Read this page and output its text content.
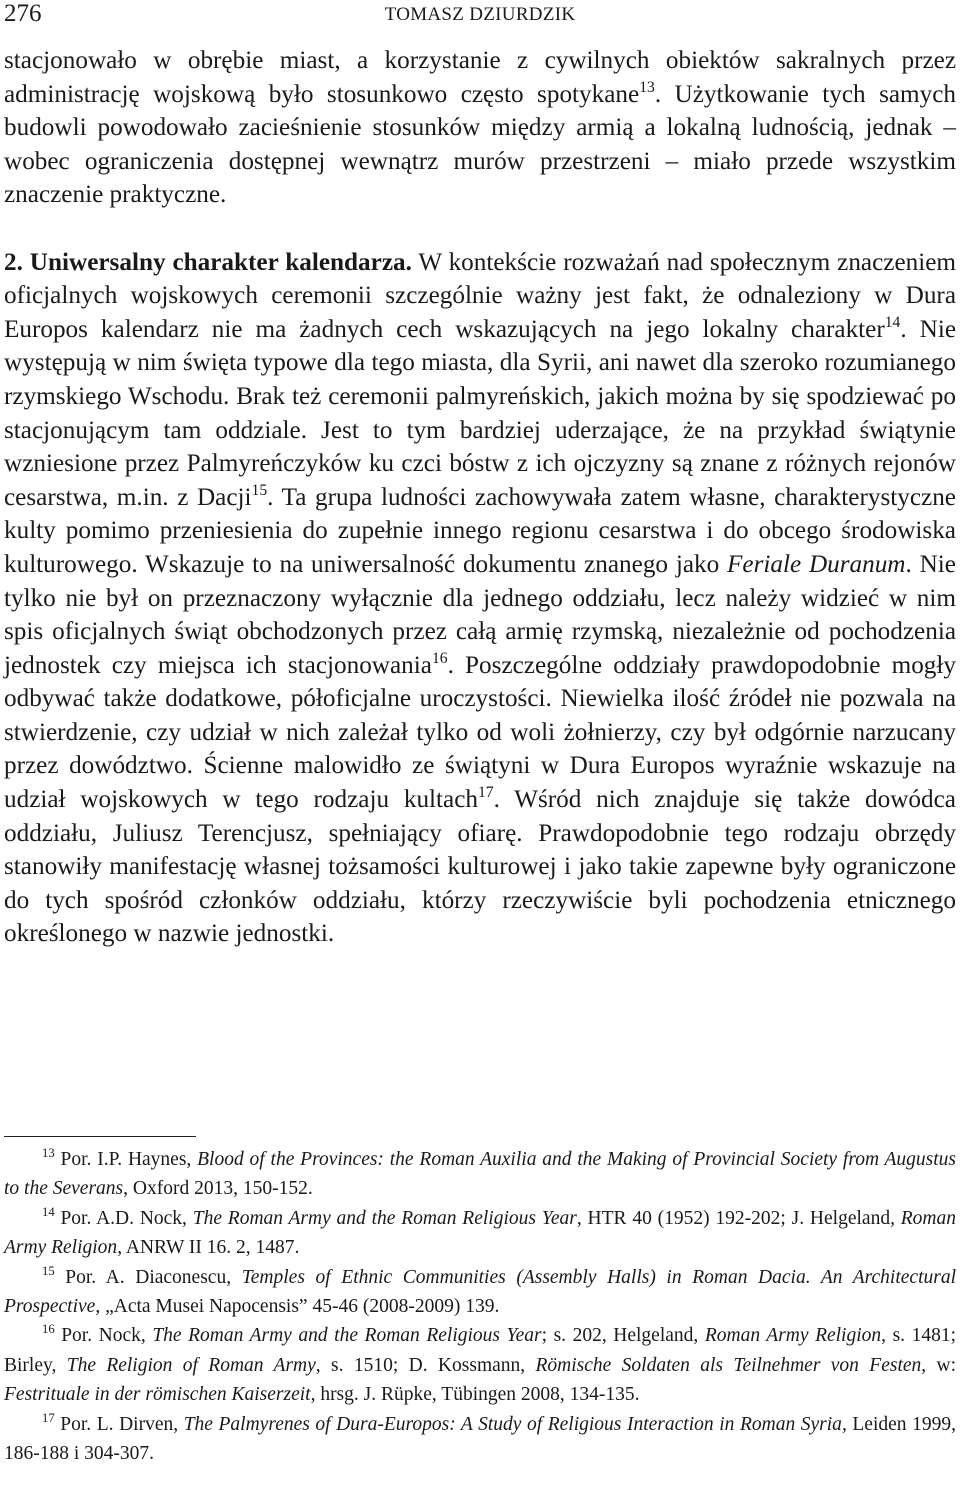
276	TOMASZ DZIURDZIK

stacjonowało w obrębie miast, a korzystanie z cywilnych obiektów sakralnych przez administrację wojskową było stosunkowo często spotykane$^{13}$. Użytkowanie tych samych budowli powodowało zacieśnienie stosunków między armią a lokalną ludnością, jednak – wobec ograniczenia dostępnej wewnątrz murów przestrzeni – miało przede wszystkim znaczenie praktyczne.

2. Uniwersalny charakter kalendarza. W kontekście rozważań nad społecznym znaczeniem oficjalnych wojskowych ceremonii szczególnie ważny jest fakt, że odnaleziony w Dura Europos kalendarz nie ma żadnych cech wskazujących na jego lokalny charakter$^{14}$. Nie występują w nim święta typowe dla tego miasta, dla Syrii, ani nawet dla szeroko rozumianego rzymskiego Wschodu. Brak też ceremonii palmyreńskich, jakich można by się spodziewać po stacjonującym tam oddziale. Jest to tym bardziej uderzające, że na przykład świątynie wzniesione przez Palmyreńczyków ku czci bóstw z ich ojczyzny są znane z różnych rejonów cesarstwa, m.in. z Dacji$^{15}$. Ta grupa ludności zachowywała zatem własne, charakterystyczne kulty pomimo przeniesienia do zupełnie innego regionu cesarstwa i do obcego środowiska kulturowego. Wskazuje to na uniwersalność dokumentu znanego jako Feriale Duranum. Nie tylko nie był on przeznaczony wyłącznie dla jednego oddziału, lecz należy widzieć w nim spis oficjalnych świąt obchodzonych przez całą armię rzymską, niezależnie od pochodzenia jednostek czy miejsca ich stacjonowania$^{16}$. Poszczególne oddziały prawdopodobnie mogły odbywać także dodatkowe, półoficjalne uroczystości. Niewielka ilość źródeł nie pozwala na stwierdzenie, czy udział w nich zależał tylko od woli żołnierzy, czy był odgórnie narzucany przez dowództwo. Ścienne malowidło ze świątyni w Dura Europos wyraźnie wskazuje na udział wojskowych w tego rodzaju kultach$^{17}$. Wśród nich znajduje się także dowódca oddziału, Juliusz Terencjusz, spełniający ofiarę. Prawdopodobnie tego rodzaju obrzędy stanowiły manifestację własnej tożsamości kulturowej i jako takie zapewne były ograniczone do tych spośród członków oddziału, którzy rzeczywiście byli pochodzenia etnicznego określonego w nazwie jednostki.

$^{13}$ Por. I.P. Haynes, Blood of the Provinces: the Roman Auxilia and the Making of Provincial Society from Augustus to the Severans, Oxford 2013, 150-152.

$^{14}$ Por. A.D. Nock, The Roman Army and the Roman Religious Year, HTR 40 (1952) 192-202; J. Helgeland, Roman Army Religion, ANRW II 16. 2, 1487.

$^{15}$ Por. A. Diaconescu, Temples of Ethnic Communities (Assembly Halls) in Roman Dacia. An Architectural Prospective, „Acta Musei Napocensis” 45-46 (2008-2009) 139.

$^{16}$ Por. Nock, The Roman Army and the Roman Religious Year; s. 202, Helgeland, Roman Army Religion, s. 1481; Birley, The Religion of Roman Army, s. 1510; D. Kossmann, Römische Soldaten als Teilnehmer von Festen, w: Festrituale in der römischen Kaiserzeit, hrsg. J. Rüpke, Tübingen 2008, 134-135.

$^{17}$ Por. L. Dirven, The Palmyrenes of Dura-Europos: A Study of Religious Interaction in Roman Syria, Leiden 1999, 186-188 i 304-307.
